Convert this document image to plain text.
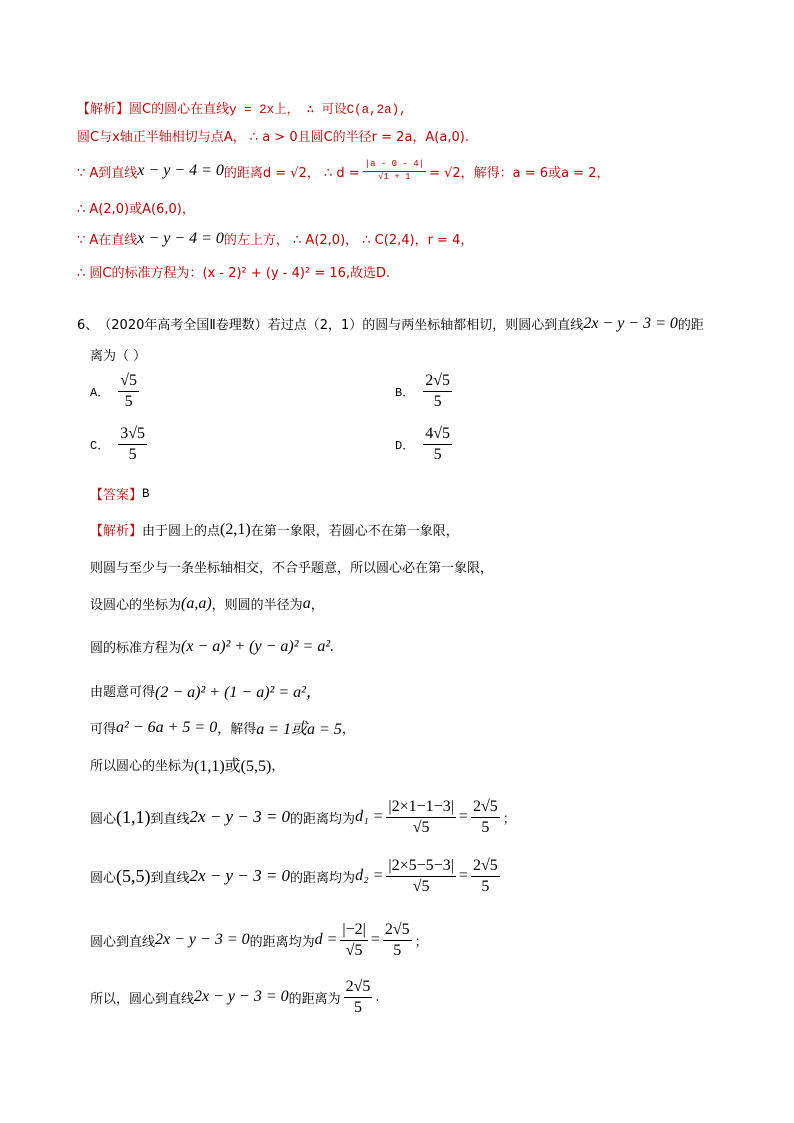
【解析】 圆C的圆心在直线 y = 2x上， ∴ 可设C(a,2a),
圆C与x轴正半轴相切与点A， ∴ a > 0且圆C的半径r = 2a，A(a,0).
∵ A到直线 x − y − 4 = 0 的距离d = √2， ∴ $d = \frac{|a - 0 - 4|}{√1 + 1} = √2$，解得：a = 6或a = 2，
∴ A(2,0)或A(6,0)，
∵ A在直线 x − y − 4 = 0 的左上方， ∴ A(2,0)， ∴ C(2,4)，r = 4，
∴ 圆C的标准方程为：(x - 2)² + (y - 4)² = 16,故选D.
6、 （2020年高考全国Ⅱ卷理数）若过点（2，1）的圆与两坐标轴都相切，则圆心到直线 2x − y − 3 = 0 的距
离为（ ）
A． $\frac{√5}{5}$	B． $\frac{2√5}{5}$
C． $\frac{3√5}{5}$	D． $\frac{4√5}{5}$
【答案】 B
【解析】 由于圆上的点 (2,1) 在第一象限，若圆心不在第一象限，
则圆与至少与一条坐标轴相交，不合乎题意，所以圆心必在第一象限，
设圆心的坐标为 (a,a) ，则圆的半径为 a ，
圆的标准方程为 (x − a)² + (y − a)² = a².
由题意可得 (2 − a)² + (1 − a)² = a²，
可得 a² − 6a + 5 = 0 ，解得 a = 1或a = 5 ，
所以圆心的坐标为 (1,1)或(5,5) ，
圆心 (1,1) 到直线 2x − y − 3 = 0 的距离均为 $d_1 = \frac{|2\times 1-1-3|}{√5} = \frac{2√5}{5}$ ；
圆心 (5,5) 到直线 2x − y − 3 = 0 的距离均为 $d_2 = \frac{|2\times 5-5-3|}{√5} = \frac{2√5}{5}$
圆心到直线 2x − y − 3 = 0 的距离均为 $d = \frac{|-2|}{√5} = \frac{2√5}{5}$ ；
所以，圆心到直线 2x − y − 3 = 0 的距离为 $\frac{2√5}{5}$ .
